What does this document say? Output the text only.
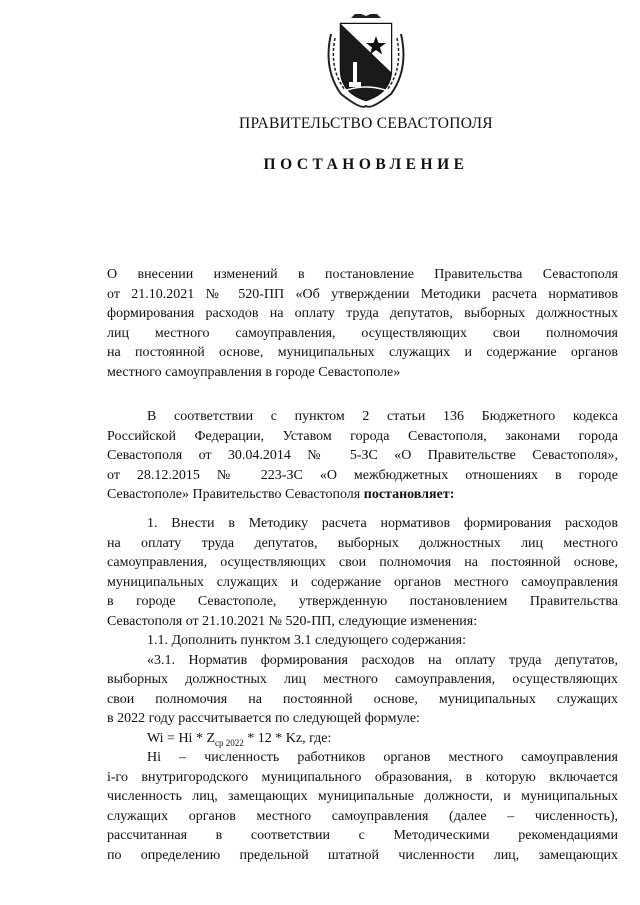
ПРАВИТЕЛЬСТВО СЕВАСТОПОЛЯ
ПОСТАНОВЛЕНИЕ
О внесении изменений в постановление Правительства Севастополя
от 21.10.2021 № 520-ПП «Об утверждении Методики расчета нормативов
формирования расходов на оплату труда депутатов, выборных должностных
лиц местного самоуправления, осуществляющих свои полномочия
на постоянной основе, муниципальных служащих и содержание органов
местного самоуправления в городе Севастополе»
В соответствии с пунктом 2 статьи 136 Бюджетного кодекса
Российской Федерации, Уставом города Севастополя, законами города
Севастополя от 30.04.2014 № 5-ЗС «О Правительстве Севастополя»,
от 28.12.2015 № 223-ЗС «О межбюджетных отношениях в городе
Севастополе» Правительство Севастополя постановляет:
1. Внести в Методику расчета нормативов формирования расходов
на оплату труда депутатов, выборных должностных лиц местного
самоуправления, осуществляющих свои полномочия на постоянной основе,
муниципальных служащих и содержание органов местного самоуправления
в городе Севастополе, утвержденную постановлением Правительства
Севастополя от 21.10.2021 № 520-ПП, следующие изменения:
1.1. Дополнить пунктом 3.1 следующего содержания:
«3.1. Норматив формирования расходов на оплату труда депутатов,
выборных должностных лиц местного самоуправления, осуществляющих
свои полномочия на постоянной основе, муниципальных служащих
в 2022 году рассчитывается по следующей формуле:
$Wi = Hi * Z_{ср 2022} * 12 * Kz$, где:
Hi – численность работников органов местного самоуправления
i-го внутригородского муниципального образования, в которую включается
численность лиц, замещающих муниципальные должности, и муниципальных
служащих органов местного самоуправления (далее – численность),
рассчитанная в соответствии с Методическими рекомендациями
по определению предельной штатной численности лиц, замещающих
